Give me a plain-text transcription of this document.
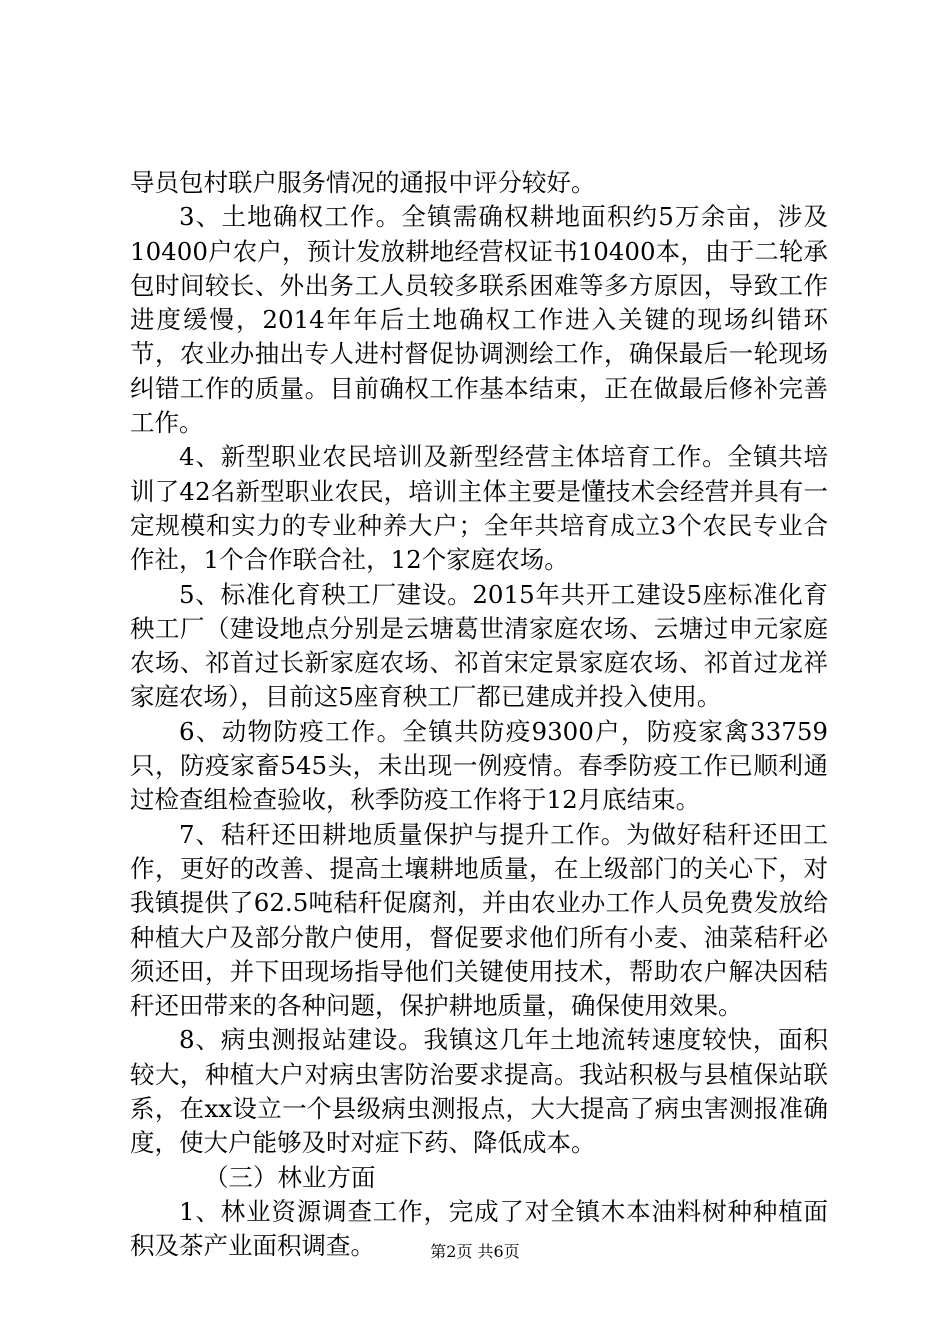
导员包村联户服务情况的通报中评分较好。

3、土地确权工作。全镇需确权耕地面积约5万余亩，涉及10400户农户，预计发放耕地经营权证书10400本，由于二轮承包时间较长、外出务工人员较多联系困难等多方原因，导致工作进度缓慢，2014年年后土地确权工作进入关键的现场纠错环节，农业办抽出专人进村督促协调测绘工作，确保最后一轮现场纠错工作的质量。目前确权工作基本结束，正在做最后修补完善工作。

4、新型职业农民培训及新型经营主体培育工作。全镇共培训了42名新型职业农民，培训主体主要是懂技术会经营并具有一定规模和实力的专业种养大户；全年共培育成立3个农民专业合作社，1个合作联合社，12个家庭农场。

5、标准化育秧工厂建设。2015年共开工建设5座标准化育秧工厂（建设地点分别是云塘葛世清家庭农场、云塘过申元家庭农场、祁首过长新家庭农场、祁首宋定景家庭农场、祁首过龙祥家庭农场），目前这5座育秧工厂都已建成并投入使用。

6、动物防疫工作。全镇共防疫9300户，防疫家禽33759只，防疫家畜545头，未出现一例疫情。春季防疫工作已顺利通过检查组检查验收，秋季防疫工作将于12月底结束。

7、秸秆还田耕地质量保护与提升工作。为做好秸秆还田工作，更好的改善、提高土壤耕地质量，在上级部门的关心下，对我镇提供了62.5吨秸秆促腐剂，并由农业办工作人员免费发放给种植大户及部分散户使用，督促要求他们所有小麦、油菜秸秆必须还田，并下田现场指导他们关键使用技术，帮助农户解决因秸秆还田带来的各种问题，保护耕地质量，确保使用效果。

8、病虫测报站建设。我镇这几年土地流转速度较快，面积较大，种植大户对病虫害防治要求提高。我站积极与县植保站联系，在xx设立一个县级病虫测报点，大大提高了病虫害测报准确度，使大户能够及时对症下药、降低成本。

（三）林业方面

1、林业资源调查工作，完成了对全镇木本油料树种种植面积及茶产业面积调查。	第2页 共6页
